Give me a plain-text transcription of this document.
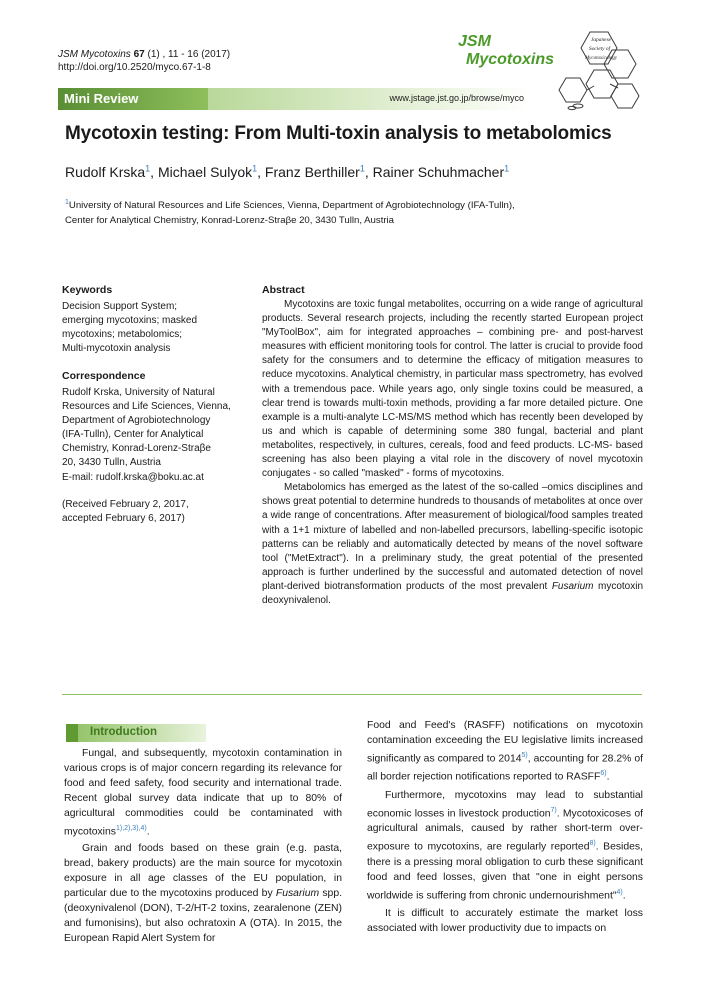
JSM Mycotoxins 67 (1) , 11 - 16 (2017)
http://doi.org/10.2520/myco.67-1-8
JSM
Mycotoxins
Japanese
Society of
Mycotoxicology
Mini Review	www.jstage.jst.go.jp/browse/myco
Mycotoxin testing: From Multi-toxin analysis to metabolomics
Rudolf Krska$^1$, Michael Sulyok$^1$, Franz Berthiller$^1$, Rainer Schuhmacher$^1$
$^1$University of Natural Resources and Life Sciences, Vienna, Department of Agrobiotechnology (IFA-Tulln),
Center for Analytical Chemistry, Konrad-Lorenz-Straβe 20, 3430 Tulln, Austria
Keywords
Decision Support System;
emerging mycotoxins; masked
mycotoxins; metabolomics;
Multi-mycotoxin analysis
Correspondence
Rudolf Krska, University of Natural
Resources and Life Sciences, Vienna,
Department of Agrobiotechnology
(IFA-Tulln), Center for Analytical
Chemistry, Konrad-Lorenz-Straβe
20, 3430 Tulln, Austria
E-mail: rudolf.krska@boku.ac.at
(Received February 2, 2017,
accepted February 6, 2017)
Abstract

Mycotoxins are toxic fungal metabolites, occurring on a wide range of agricultural products. Several research projects, including the recently started European project "MyToolBox", aim for integrated approaches – combining pre- and post-harvest measures with efficient monitoring tools for control. The latter is crucial to provide food safety for the consumers and to determine the efficacy of mitigation measures to reduce mycotoxins. Analytical chemistry, in particular mass spectrometry, has evolved with a tremendous pace. While years ago, only single toxins could be measured, a clear trend is towards multi-toxin methods, providing a far more detailed picture. One example is a multi-analyte LC-MS/MS method which has recently been developed by us and which is capable of determining some 380 fungal, bacterial and plant metabolites, respectively, in cultures, cereals, food and feed products. LC-MS- based screening has also been playing a vital role in the discovery of novel mycotoxin conjugates - so called "masked" - forms of mycotoxins.

Metabolomics has emerged as the latest of the so-called –omics disciplines and shows great potential to determine hundreds to thousands of metabolites at once over a wide range of concentrations. After measurement of biological/food samples treated with a 1+1 mixture of labelled and non-labelled precursors, labelling-specific isotopic patterns can be reliably and automatically detected by means of the novel software tool ("MetExtract"). In a preliminary study, the great potential of the presented approach is further underlined by the successful and automated detection of novel plant-derived biotransformation products of the most prevalent Fusarium mycotoxin deoxynivalenol.

Introduction

Fungal, and subsequently, mycotoxin contamination in various crops is of major concern regarding its relevance for food and feed safety, food security and international trade. Recent global survey data indicate that up to 80% of agricultural commodities could be contaminated with mycotoxins$^{1),2),3),4)}$.

Grain and foods based on these grain (e.g. pasta, bread, bakery products) are the main source for mycotoxin exposure in all age classes of the EU population, in particular due to the mycotoxins produced by Fusarium spp. (deoxynivalenol (DON), T-2/HT-2 toxins, zearalenone (ZEN) and fumonisins), but also ochratoxin A (OTA). In 2015, the European Rapid Alert System for

Food and Feed's (RASFF) notifications on mycotoxin contamination exceeding the EU legislative limits increased significantly as compared to 2014$^{5)}$, accounting for 28.2% of all border rejection notifications reported to RASFF$^{6)}$.

Furthermore, mycotoxins may lead to substantial economic losses in livestock production$^{7)}$. Mycotoxicoses of agricultural animals, caused by rather short-term over-exposure to mycotoxins, are regularly reported$^{8)}$. Besides, there is a pressing moral obligation to curb these significant food and feed losses, given that "one in eight persons worldwide is suffering from chronic undernourishment"$^{4)}$.

It is difficult to accurately estimate the market loss associated with lower productivity due to impacts on
